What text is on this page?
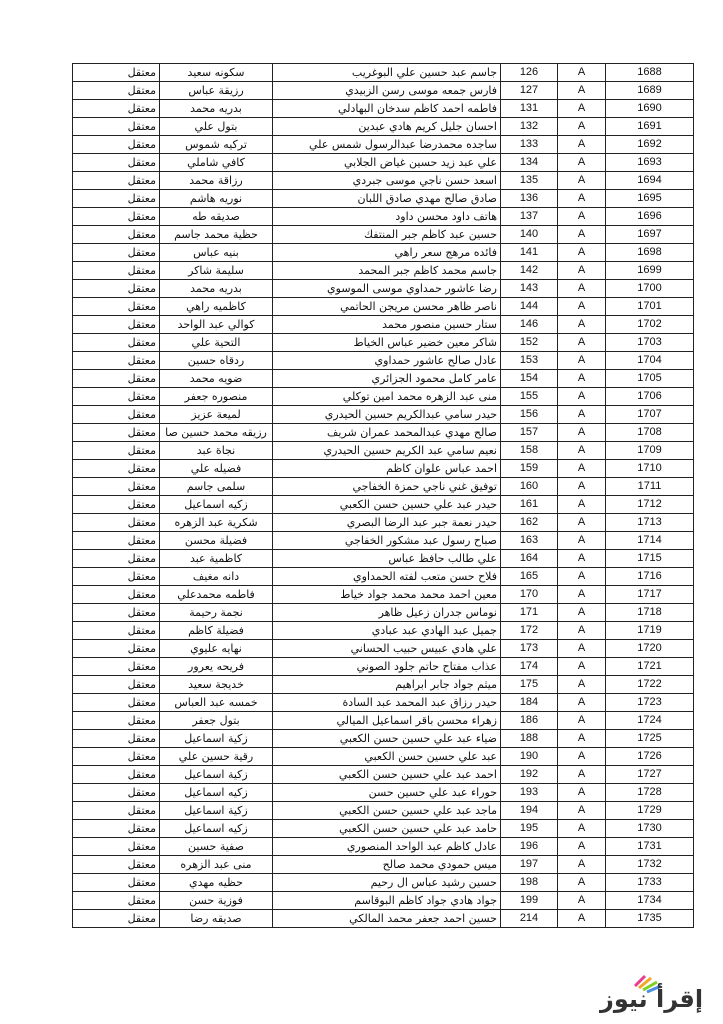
معتقل	سكونه سعيد	جاسم عبد حسين علي البوغريب	126	A	1688
معتقل	رزيقة عباس	فارس جمعه موسى رسن الزبيدي	127	A	1689
معتقل	بدريه محمد	فاطمه احمد كاظم سدخان البهادلي	131	A	1690
معتقل	بتول علي	احسان جليل كريم هادي عبدين	132	A	1691
معتقل	تركيه شموس	ساجده محمدرضا عبدالرسول شمس علي	133	A	1692
معتقل	كافي شاملي	علي عبد زيد حسين غياض الجلابي	134	A	1693
معتقل	رزاقة محمد	اسعد حسن ناجي موسى جبردي	135	A	1694
معتقل	نوريه هاشم	صادق صالح مهدي صادق اللبان	136	A	1695
معتقل	صديقه طه	هاتف داود محسن داود	137	A	1696
معتقل	حظية محمد جاسم	حسين عبد كاظم جبر المنتفك	140	A	1697
معتقل	بنيه عباس	فائده مرهج سعر راهي	141	A	1698
معتقل	سليمة شاكر	جاسم محمد كاظم جبر المحمد	142	A	1699
معتقل	بدريه محمد	رضا عاشور حمداوي موسى الموسوي	143	A	1700
معتقل	كاظميه راهي	ناصر ظاهر محسن مريجن الحاتمي	144	A	1701
معتقل	كوالي عبد الواحد	ستار حسين منصور محمد	146	A	1702
معتقل	التحية علي	شاكر معين خضير عباس الخياط	152	A	1703
معتقل	ردقاه حسين	عادل صالح عاشور حمداوي	153	A	1704
معتقل	ضويه محمد	عامر كامل محمود الجزائري	154	A	1705
معتقل	منصوره جعفر	منى عبد الزهره محمد امين توكلي	155	A	1706
معتقل	لميعة عزيز	حيدر سامي عبدالكريم حسين الحيدري	156	A	1707
معتقل	رزيقه محمد حسين صا	صالح مهدي عبدالمحمد عمران شريف	157	A	1708
معتقل	نجاة عبد	نعيم سامي عبد الكريم حسين الحيدري	158	A	1709
معتقل	فضيله علي	احمد عباس علوان كاظم	159	A	1710
معتقل	سلمى جاسم	توفيق غني ناجي حمزة الخفاجي	160	A	1711
معتقل	زكيه اسماعيل	حيدر عبد علي حسين حسن الكعبي	161	A	1712
معتقل	شكرية عبد الزهره	حيدر نعمة جبر عبد الرضا البصري	162	A	1713
معتقل	فضيلة محسن	صباح رسول عبد مشكور الخفاجي	163	A	1714
معتقل	كاظمية عبد	علي طالب حافظ عباس	164	A	1715
معتقل	دانه مغيف	فلاح حسن متعب لفته الحمداوي	165	A	1716
معتقل	فاطمه محمدعلي	معين احمد محمد محمد جواد خياط	170	A	1717
معتقل	نجمة رحيمة	نوماس جدران زعيل ظاهر	171	A	1718
معتقل	فضيلة كاظم	جميل عبد الهادي عبد عبادي	172	A	1719
معتقل	نهايه عليوي	علي هادي عبيس حبيب الحساني	173	A	1720
معتقل	فريحه يعرور	عذاب مفتاح حاتم جلود الصوني	174	A	1721
معتقل	خديجة سعيد	ميثم جواد جابر ابراهيم	175	A	1722
معتقل	خمسه عبد العباس	حيدر رزاق عبد المحمد عبد السادة	184	A	1723
معتقل	بتول جعفر	زهراء محسن باقر اسماعيل الميالي	186	A	1724
معتقل	زكية اسماعيل	ضياء عبد علي حسين حسن الكعبي	188	A	1725
معتقل	رقية حسين علي	عبد علي حسين حسن الكعبي	190	A	1726
معتقل	زكية اسماعيل	احمد عبد علي حسين حسن الكعبي	192	A	1727
معتقل	زكيه اسماعيل	حوراء عبد علي حسين حسن	193	A	1728
معتقل	زكية اسماعيل	ماجد عبد علي حسين حسن الكعبي	194	A	1729
معتقل	زكيه اسماعيل	حامد عبد علي حسين حسن الكعبي	195	A	1730
معتقل	صفية حسين	عادل كاظم عبد الواحد المنصوري	196	A	1731
معتقل	منى عبد الزهره	ميس حمودي محمد صالح	197	A	1732
معتقل	حظيه مهدي	حسين رشيد عباس ال رحيم	198	A	1733
معتقل	فوزية حسن	جواد هادي جواد كاظم البوقاسم	199	A	1734
معتقل	صديقه رضا	حسين احمد جعفر محمد المالكي	214	A	1735
إقرأ نيوز
